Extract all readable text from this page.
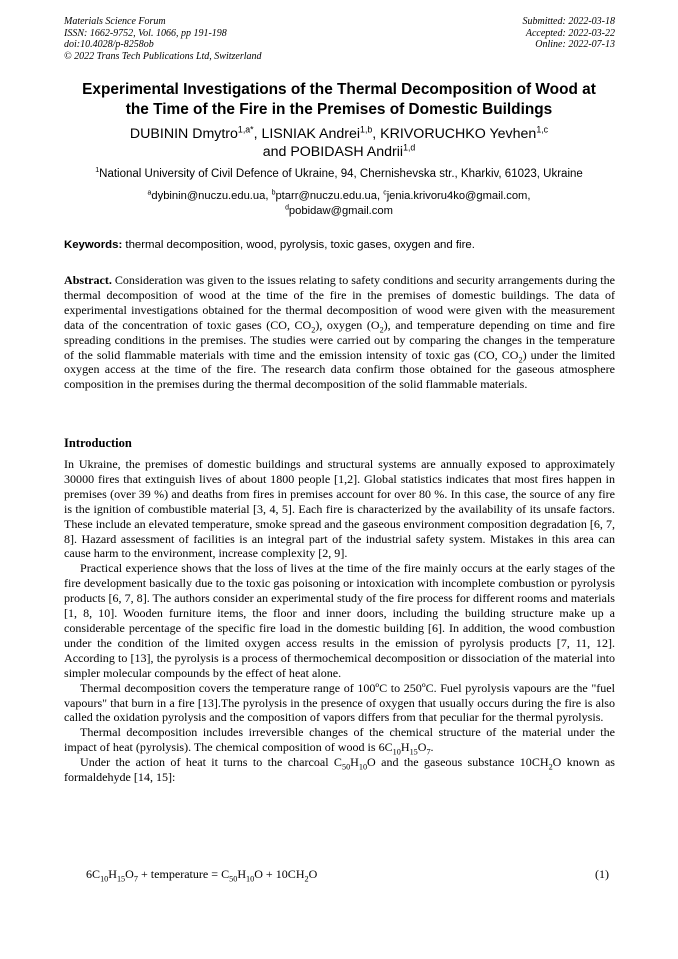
Materials Science Forum
ISSN: 1662-9752, Vol. 1066, pp 191-198
doi:10.4028/p-8258ob
© 2022 Trans Tech Publications Ltd, Switzerland
Submitted: 2022-03-18
Accepted: 2022-03-22
Online: 2022-07-13
Experimental Investigations of the Thermal Decomposition of Wood at
the Time of the Fire in the Premises of Domestic Buildings
DUBININ Dmytro$^{1,a*}$, LISNIAK Andrei$^{1,b}$, KRIVORUCHKO Yevhen$^{1,c}$
and POBIDASH Andrii$^{1,d}$
$^1$National University of Civil Defence of Ukraine, 94, Chernishevska str., Kharkiv, 61023, Ukraine
$^a$dybinin@nuczu.edu.ua, $^b$ptarr@nuczu.edu.ua, $^c$jenia.krivoru4ko@gmail.com,
$^d$pobidaw@gmail.com
Keywords: thermal decomposition, wood, pyrolysis, toxic gases, oxygen and fire.

Abstract. Consideration was given to the issues relating to safety conditions and security arrangements during the thermal decomposition of wood at the time of the fire in the premises of domestic buildings. The data of experimental investigations obtained for the thermal decomposition of wood were given with the measurement data of the concentration of toxic gases (CO, $CO_2$), oxygen $(O_2)$, and temperature depending on time and fire spreading conditions in the premises. The studies were carried out by comparing the changes in the temperature of the solid flammable materials with time and the emission intensity of toxic gas (CO, $CO_2$) under the limited oxygen access at the time of the fire. The research data confirm those obtained for the gaseous atmosphere composition in the premises during the thermal decomposition of the solid flammable materials.

Introduction

In Ukraine, the premises of domestic buildings and structural systems are annually exposed to approximately 30000 fires that extinguish lives of about 1800 people [1,2]. Global statistics indicates that most fires happen in premises (over 39 %) and deaths from fires in premises account for over 80 %. In this case, the source of any fire is the ignition of combustible material [3, 4, 5]. Each fire is characterized by the availability of its unsafe factors. These include an elevated temperature, smoke spread and the gaseous environment composition degradation [6, 7, 8]. Hazard assessment of facilities is an integral part of the industrial safety system. Mistakes in this area can cause harm to the environment, increase complexity [2, 9].

Practical experience shows that the loss of lives at the time of the fire mainly occurs at the early stages of the fire development basically due to the toxic gas poisoning or intoxication with incomplete combustion or pyrolysis products [6, 7, 8]. The authors consider an experimental study of the fire process for different rooms and materials [1, 8, 10]. Wooden furniture items, the floor and inner doors, including the building structure make up a considerable percentage of the specific fire load in the domestic building [6]. In addition, the wood combustion under the condition of the limited oxygen access results in the emission of pyrolysis products [7, 11, 12]. According to [13], the pyrolysis is a process of thermochemical decomposition or dissociation of the material into simpler molecular compounds by the effect of heat alone.

Thermal decomposition covers the temperature range of 100ºC to 250ºC. Fuel pyrolysis vapours are the "fuel vapours" that burn in a fire [13].The pyrolysis in the presence of oxygen that usually occurs during the fire is also called the oxidation pyrolysis and the composition of vapors differs from that peculiar for the thermal pyrolysis.

Thermal decomposition includes irreversible changes of the chemical structure of the material under the impact of heat (pyrolysis). The chemical composition of wood is $6C_{10}H_{15}O_7$.

Under the action of heat it turns to the charcoal $C_{50}H_{10}O$ and the gaseous substance $10CH_2O$ known as formaldehyde [14, 15]:

$6C_{10}H_{15}O_7$ + temperature = $C_{50}H_{10}O + 10CH_2O$	(1)
